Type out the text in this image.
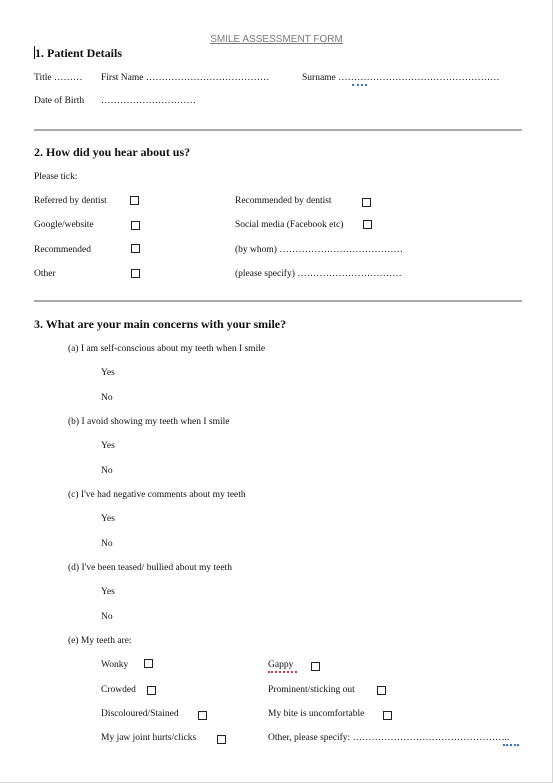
SMILE ASSESSMENT FORM
1. Patient Details
Title ……… First Name …………………………………	Surname ……………………………………………
Date of Birth …………………………
2. How did you hear about us?
Please tick:
Referred by dentist	Recommended by dentist
Google/website	Social media (Facebook etc)
Recommended	(by whom) …………………………………
Other	(please specify) ……………………………
3. What are your main concerns with your smile?
(a) I am self-conscious about my teeth when I smile
Yes
No
(b) I avoid showing my teeth when I smile
Yes
No
(c) I've had negative comments about my teeth
Yes
No
(d) I've been teased/ bullied about my teeth
Yes
No
(e) My teeth are:
Wonky	Gappy
Crowded	Prominent/sticking out
Discoloured/Stained	My bite is uncomfortable
My jaw joint hurts/clicks	Other, please specify: …………………………………………..
